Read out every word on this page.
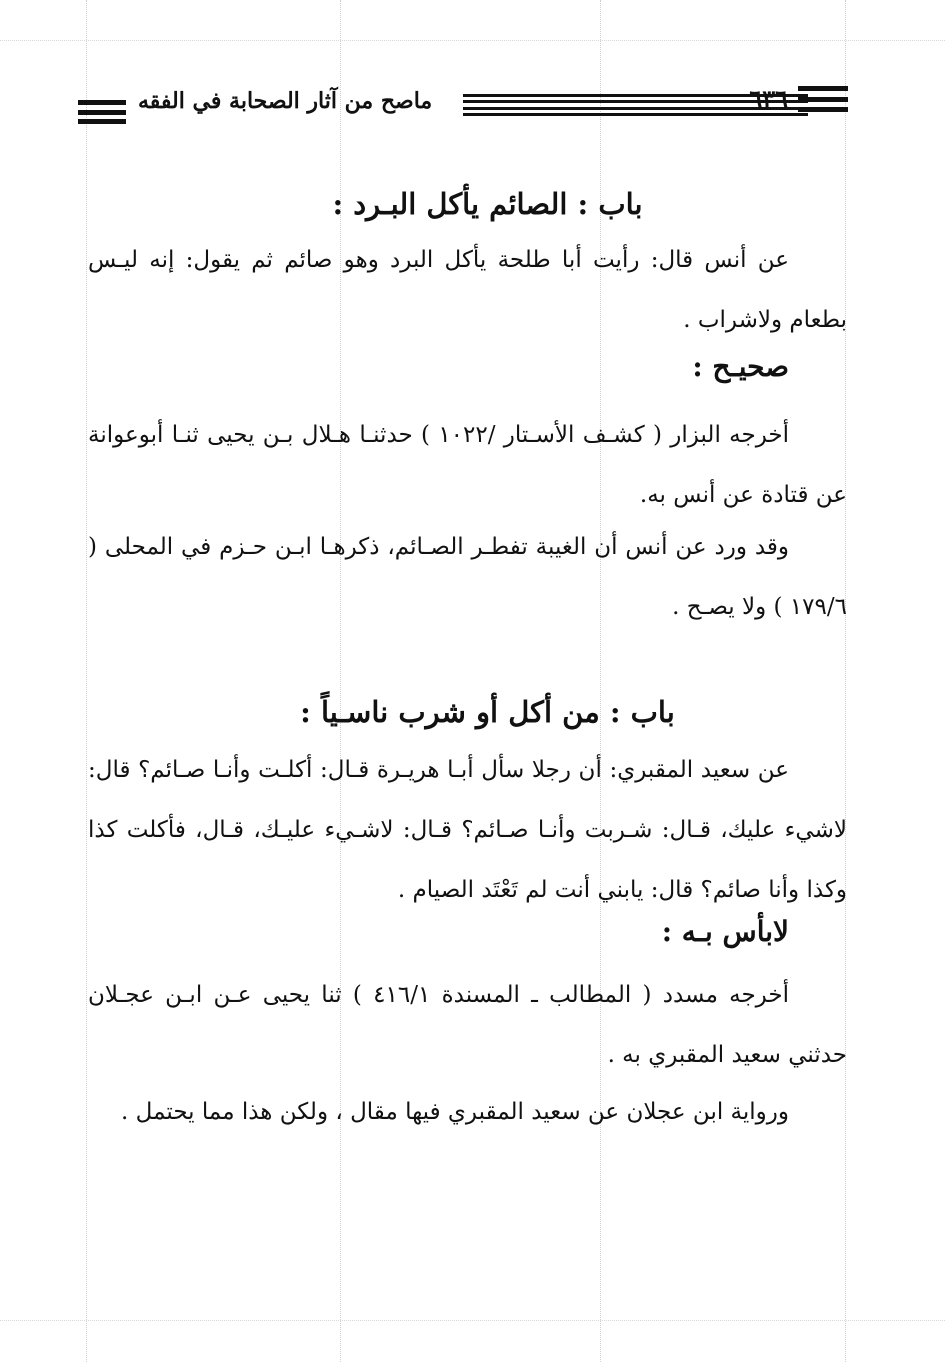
ماصح من آثار الصحابة في الفقه	٦٣٦
باب : الصائم يأكل البـرد :
عن أنس قال: رأيت أبا طلحة يأكل البرد وهو صائم ثم يقول: إنه ليـس بطعام ولاشراب .
صحيـح :
أخرجه البزار ( كشـف الأسـتار /١٠٢٢ ) حدثنـا هـلال بـن يحيى ثنـا أبوعوانة عن قتادة عن أنس به.
وقد ورد عن أنس أن الغيبة تفطـر الصـائم، ذكرهـا ابـن حـزم في المحلى ( ١٧٩/٦ ) ولا يصـح .
باب : من أكل أو شرب ناسـياً :
عن سعيد المقبري: أن رجلا سأل أبـا هريـرة قـال: أكلـت وأنـا صـائم؟ قال: لاشيء عليك، قـال: شـربت وأنـا صـائم؟ قـال: لاشـيء عليـك، قـال، فأكلت كذا وكذا وأنا صائم؟ قال: يابني أنت لم تَعْتَد الصيام .
لابأس بـه :
أخرجه مسدد ( المطالب ـ المسندة ٤١٦/١ ) ثنا يحيى عـن ابـن عجـلان حدثني سعيد المقبري به .
ورواية ابن عجلان عن سعيد المقبري فيها مقال ، ولكن هذا مما يحتمل .
